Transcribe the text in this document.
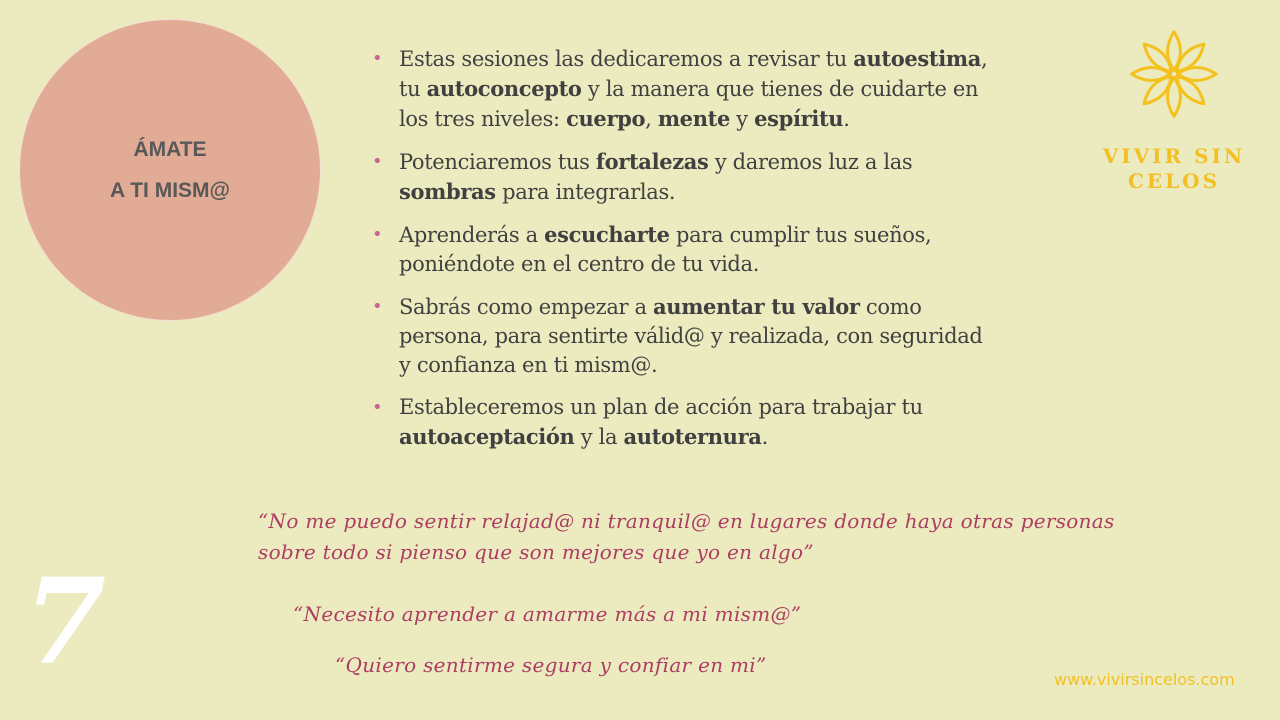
ÁMATE
A TI MISM@
• Estas sesiones las dedicaremos a revisar tu autoestima,
tu autoconcepto y la manera que tienes de cuidarte en
los tres niveles: cuerpo, mente y espíritu.
• Potenciaremos tus fortalezas y daremos luz a las
sombras para integrarlas.
• Aprenderás a escucharte para cumplir tus sueños,
poniéndote en el centro de tu vida.
• Sabrás como empezar a aumentar tu valor como
persona, para sentirte válid@ y realizada, con seguridad
y confianza en ti mism@.
• Estableceremos un plan de acción para trabajar tu
autoaceptación y la autoternura.
VIVIR SIN
CELOS
“No me puedo sentir relajad@ ni tranquil@ en lugares donde haya otras personas
sobre todo si pienso que son mejores que yo en algo”
“Necesito aprender a amarme más a mi mism@”
“Quiero sentirme segura y confiar en mi”
7	www.vivirsincelos.com
